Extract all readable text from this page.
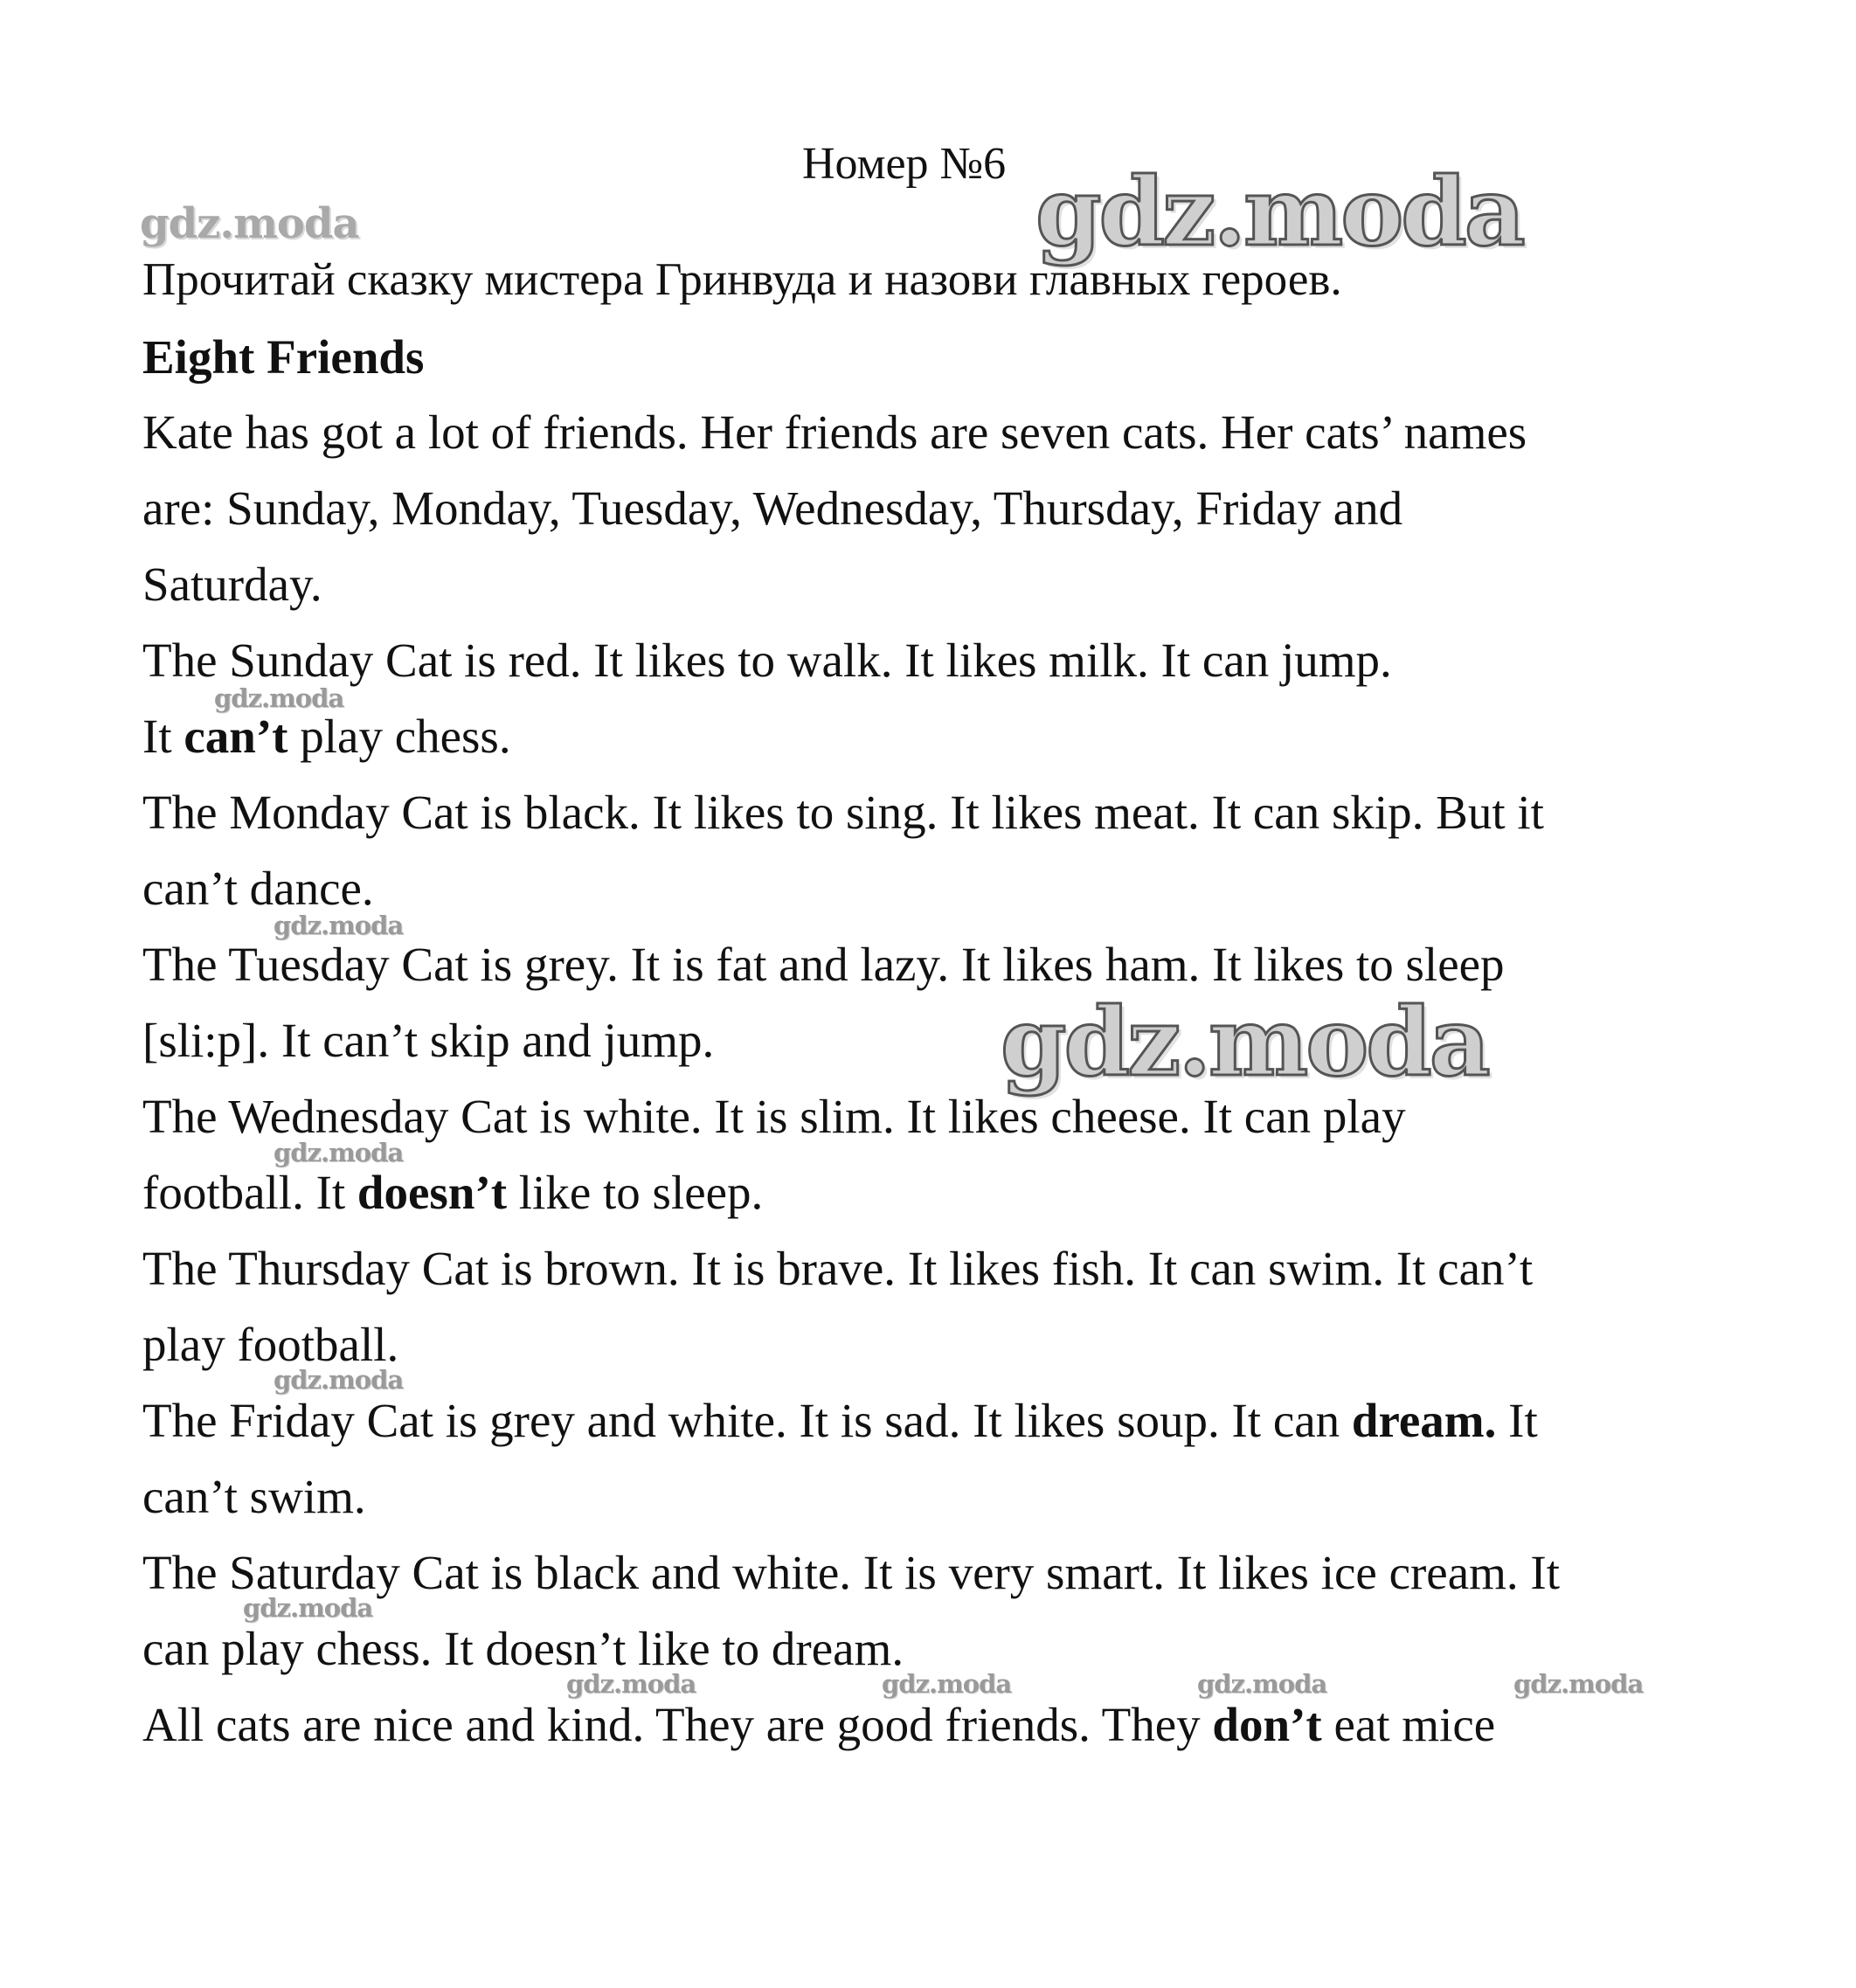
Номер №6
Прочитай сказку мистера Гринвуда и назови главных героев.
Eight Friends
Kate has got a lot of friends. Her friends are seven cats. Her cats’ names
are: Sunday, Monday, Tuesday, Wednesday, Thursday, Friday and
Saturday.
The Sunday Cat is red. It likes to walk. It likes milk. It can jump.
It can’t play chess.
The Monday Cat is black. It likes to sing. It likes meat. It can skip. But it
can’t dance.
The Tuesday Cat is grey. It is fat and lazy. It likes ham. It likes to sleep
[sli:p]. It can’t skip and jump.
The Wednesday Cat is white. It is slim. It likes cheese. It can play
football. It doesn’t like to sleep.
The Thursday Cat is brown. It is brave. It likes fish. It can swim. It can’t
play football.
The Friday Cat is grey and white. It is sad. It likes soup. It can dream. It
can’t swim.
The Saturday Cat is black and white. It is very smart. It likes ice cream. It
can play chess. It doesn’t like to dream.
All cats are nice and kind. They are good friends. They don’t eat mice
gdz.moda	gdz.moda
gdz.moda
gdz.moda
gdz.moda
gdz.moda
gdz.moda
gdz.moda
gdz.moda	gdz.moda	gdz.moda	gdz.moda
